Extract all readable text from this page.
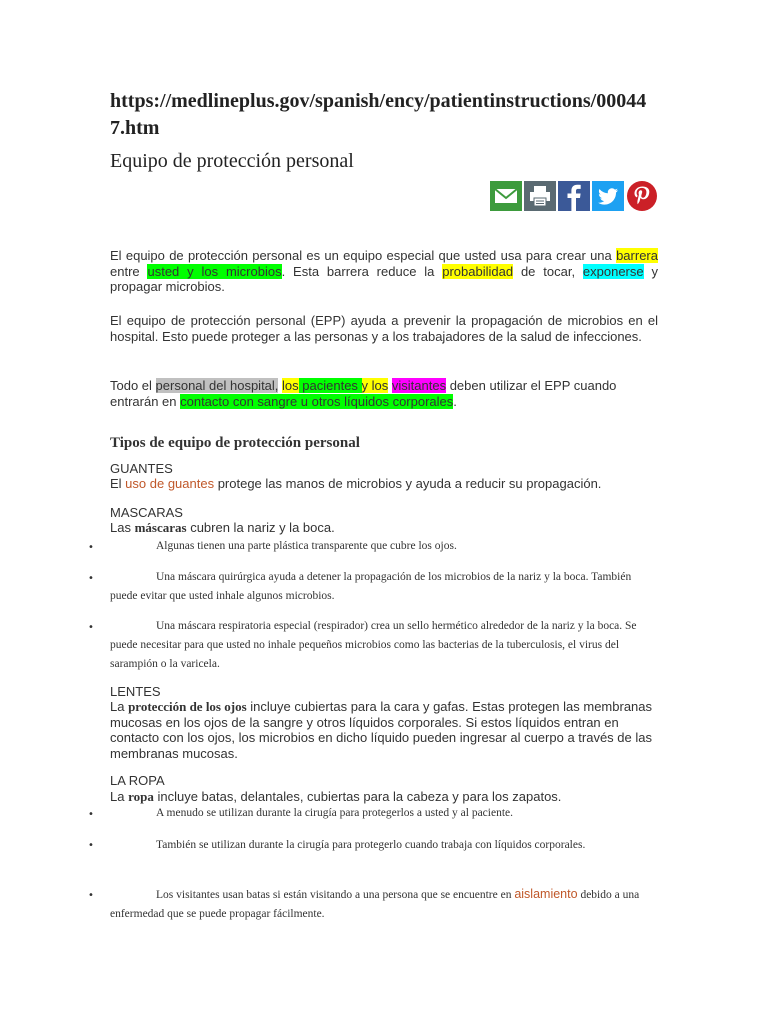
https://medlineplus.gov/spanish/ency/patientinstructions/000447.htm
Equipo de protección personal

El equipo de protección personal es un equipo especial que usted usa para crear una barrera entre usted y los microbios. Esta barrera reduce la probabilidad de tocar, exponerse y propagar microbios.

El equipo de protección personal (EPP) ayuda a prevenir la propagación de microbios en el hospital. Esto puede proteger a las personas y a los trabajadores de la salud de infecciones.

Todo el personal del hospital, los pacientes y los visitantes deben utilizar el EPP cuando entrarán en contacto con sangre u otros líquidos corporales.

Tipos de equipo de protección personal
GUANTES
El uso de guantes protege las manos de microbios y ayuda a reducir su propagación.
MASCARAS
Las máscaras cubren la nariz y la boca.
•	Algunas tienen una parte plástica transparente que cubre los ojos.
•	Una máscara quirúrgica ayuda a detener la propagación de los microbios de la nariz y la boca. También puede evitar que usted inhale algunos microbios.
•	Una máscara respiratoria especial (respirador) crea un sello hermético alrededor de la nariz y la boca. Se puede necesitar para que usted no inhale pequeños microbios como las bacterias de la tuberculosis, el virus del sarampión o la varicela.
LENTES

La protección de los ojos incluye cubiertas para la cara y gafas. Estas protegen las membranas mucosas en los ojos de la sangre y otros líquidos corporales. Si estos líquidos entran en contacto con los ojos, los microbios en dicho líquido pueden ingresar al cuerpo a través de las membranas mucosas.

LA ROPA
La ropa incluye batas, delantales, cubiertas para la cabeza y para los zapatos.
•	A menudo se utilizan durante la cirugía para protegerlos a usted y al paciente.
•	También se utilizan durante la cirugía para protegerlo cuando trabaja con líquidos corporales.
•	Los visitantes usan batas si están visitando a una persona que se encuentre en aislamiento debido a una enfermedad que se puede propagar fácilmente.
